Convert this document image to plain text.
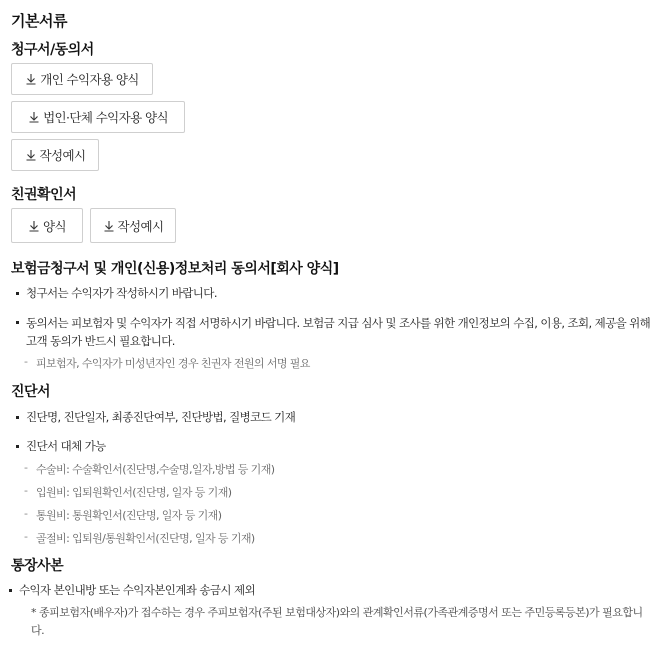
기본서류
청구서/동의서
개인 수익자용 양식
법인·단체 수익자용 양식
작성예시
친권확인서
양식	작성예시
보험금청구서 및 개인(신용)정보처리 동의서[회사 양식]
청구서는 수익자가 작성하시기 바랍니다.
동의서는 피보험자 및 수익자가 직접 서명하시기 바랍니다. 보험금 지급 심사 및 조사를 위한 개인정보의 수집, 이용, 조회, 제공을 위해 고객 동의가 반드시 필요합니다.
- 피보험자, 수익자가 미성년자인 경우 친권자 전원의 서명 필요
진단서
진단명, 진단일자, 최종진단여부, 진단방법, 질병코드 기재
진단서 대체 가능
- 수술비: 수술확인서(진단명,수술명,일자,방법 등 기재)
- 입원비: 입퇴원확인서(진단명, 일자 등 기재)
- 통원비: 통원확인서(진단명, 일자 등 기재)
- 골절비: 입퇴원/통원확인서(진단명, 일자 등 기재)
통장사본
수익자 본인내방 또는 수익자본인계좌 송금시 제외
* 종피보험자(배우자)가 접수하는 경우 주피보험자(주된 보험대상자)와의 관계확인서류(가족관계증명서 또는 주민등록등본)가 필요합니다.
